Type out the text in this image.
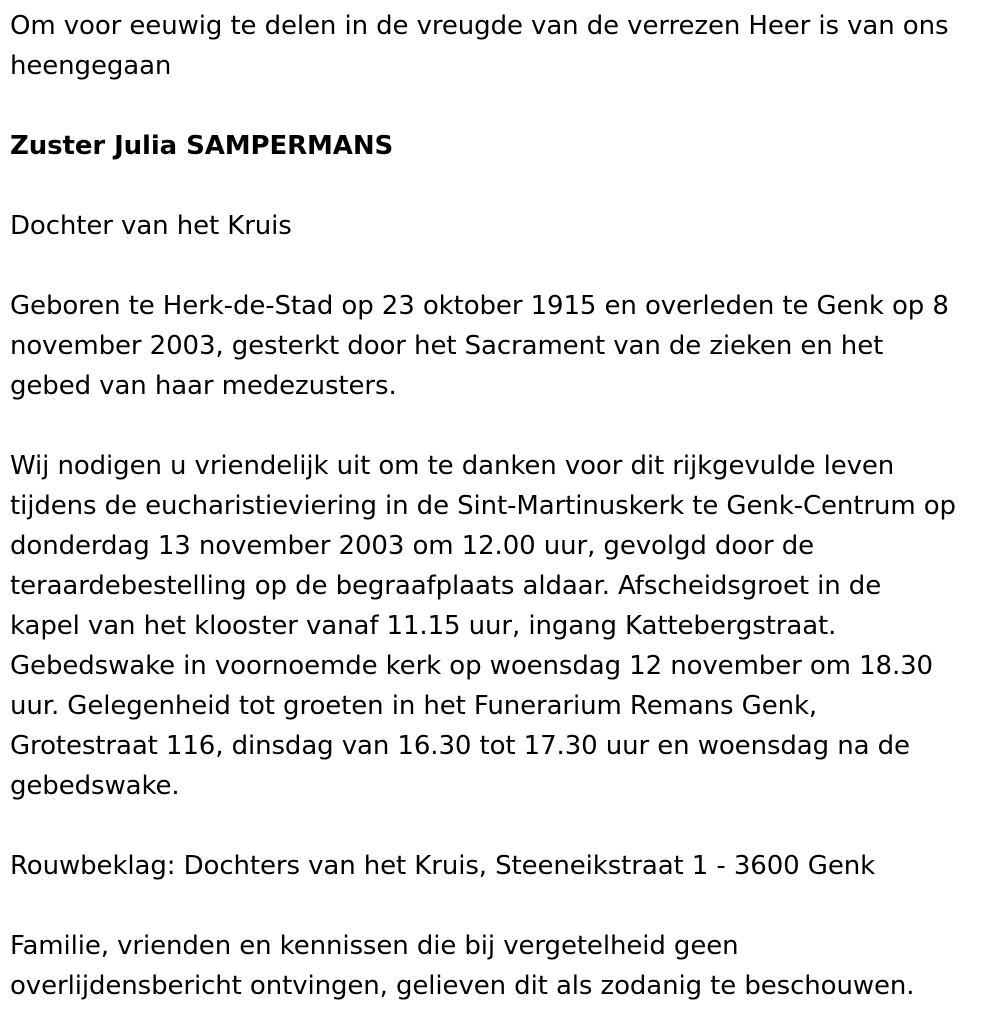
Om voor eeuwig te delen in de vreugde van de verrezen Heer is van ons

heengegaan

Zuster Julia SAMPERMANS

Dochter van het Kruis

Geboren te Herk-de-Stad op 23 oktober 1915 en overleden te Genk op 8

november 2003, gesterkt door het Sacrament van de zieken en het

gebed van haar medezusters.

Wij nodigen u vriendelijk uit om te danken voor dit rijkgevulde leven

tijdens de eucharistieviering in de Sint-Martinuskerk te Genk-Centrum op

donderdag 13 november 2003 om 12.00 uur, gevolgd door de

teraardebestelling op de begraafplaats aldaar. Afscheidsgroet in de

kapel van het klooster vanaf 11.15 uur, ingang Kattebergstraat.

Gebedswake in voornoemde kerk op woensdag 12 november om 18.30

uur. Gelegenheid tot groeten in het Funerarium Remans Genk,

Grotestraat 116, dinsdag van 16.30 tot 17.30 uur en woensdag na de

gebedswake.

Rouwbeklag: Dochters van het Kruis, Steeneikstraat 1 - 3600 Genk

Familie, vrienden en kennissen die bij vergetelheid geen

overlijdensbericht ontvingen, gelieven dit als zodanig te beschouwen.
